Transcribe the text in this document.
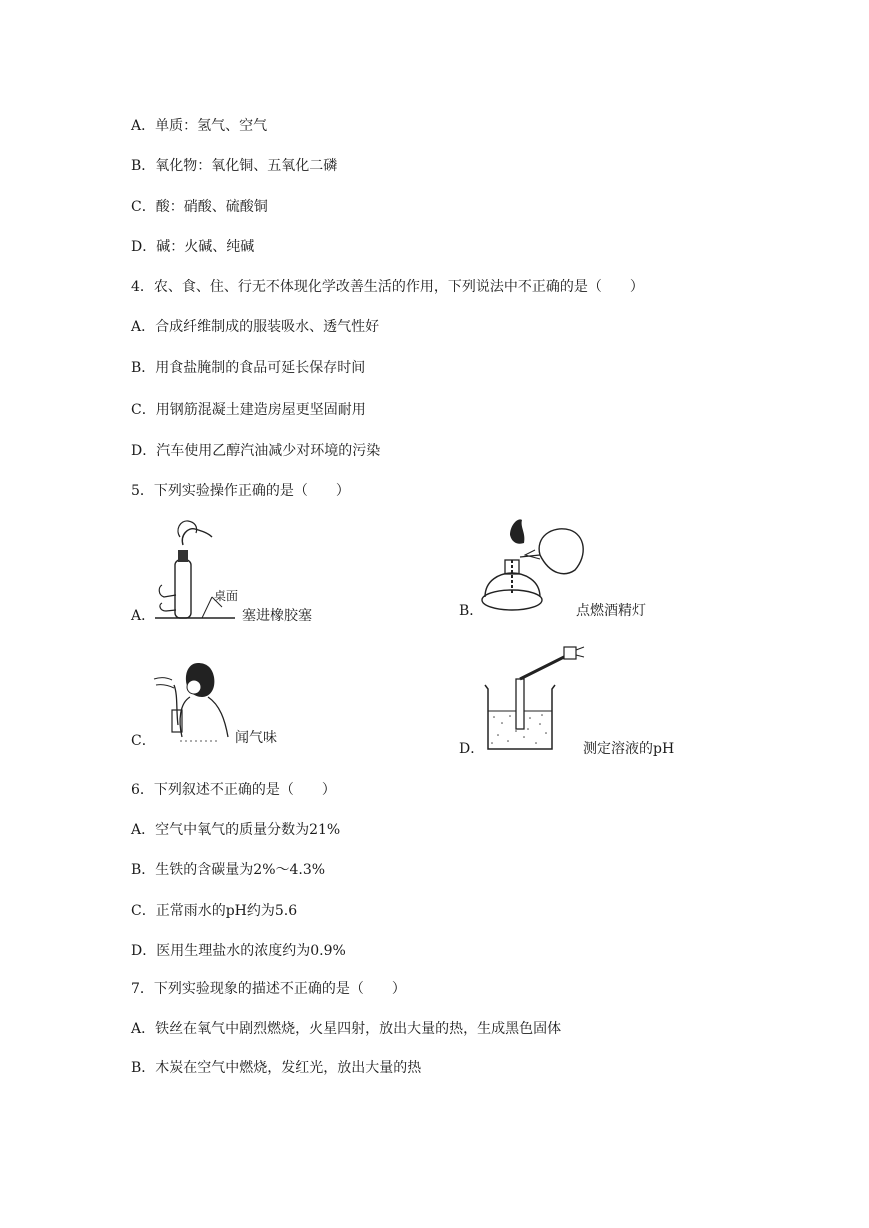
A．单质：氢气、空气
B．氧化物：氧化铜、五氧化二磷
C．酸：硝酸、硫酸铜
D．碱：火碱、纯碱
4．农、食、住、行无不体现化学改善生活的作用，下列说法中不正确的是（　　）
A．合成纤维制成的服装吸水、透气性好
B．用食盐腌制的食品可延长保存时间
C．用钢筋混凝土建造房屋更坚固耐用
D．汽车使用乙醇汽油减少对环境的污染
5．下列实验操作正确的是（　　）
A．
桌面
塞进橡胶塞	B．	点燃酒精灯
C．	闻气味
D．	测定溶液的pH
6．下列叙述不正确的是（　　）
A．空气中氧气的质量分数为21%
B．生铁的含碳量为2%～4.3%
C．正常雨水的pH约为5.6
D．医用生理盐水的浓度约为0.9%
7．下列实验现象的描述不正确的是（　　）
A．铁丝在氧气中剧烈燃烧，火星四射，放出大量的热，生成黑色固体
B．木炭在空气中燃烧，发红光，放出大量的热
